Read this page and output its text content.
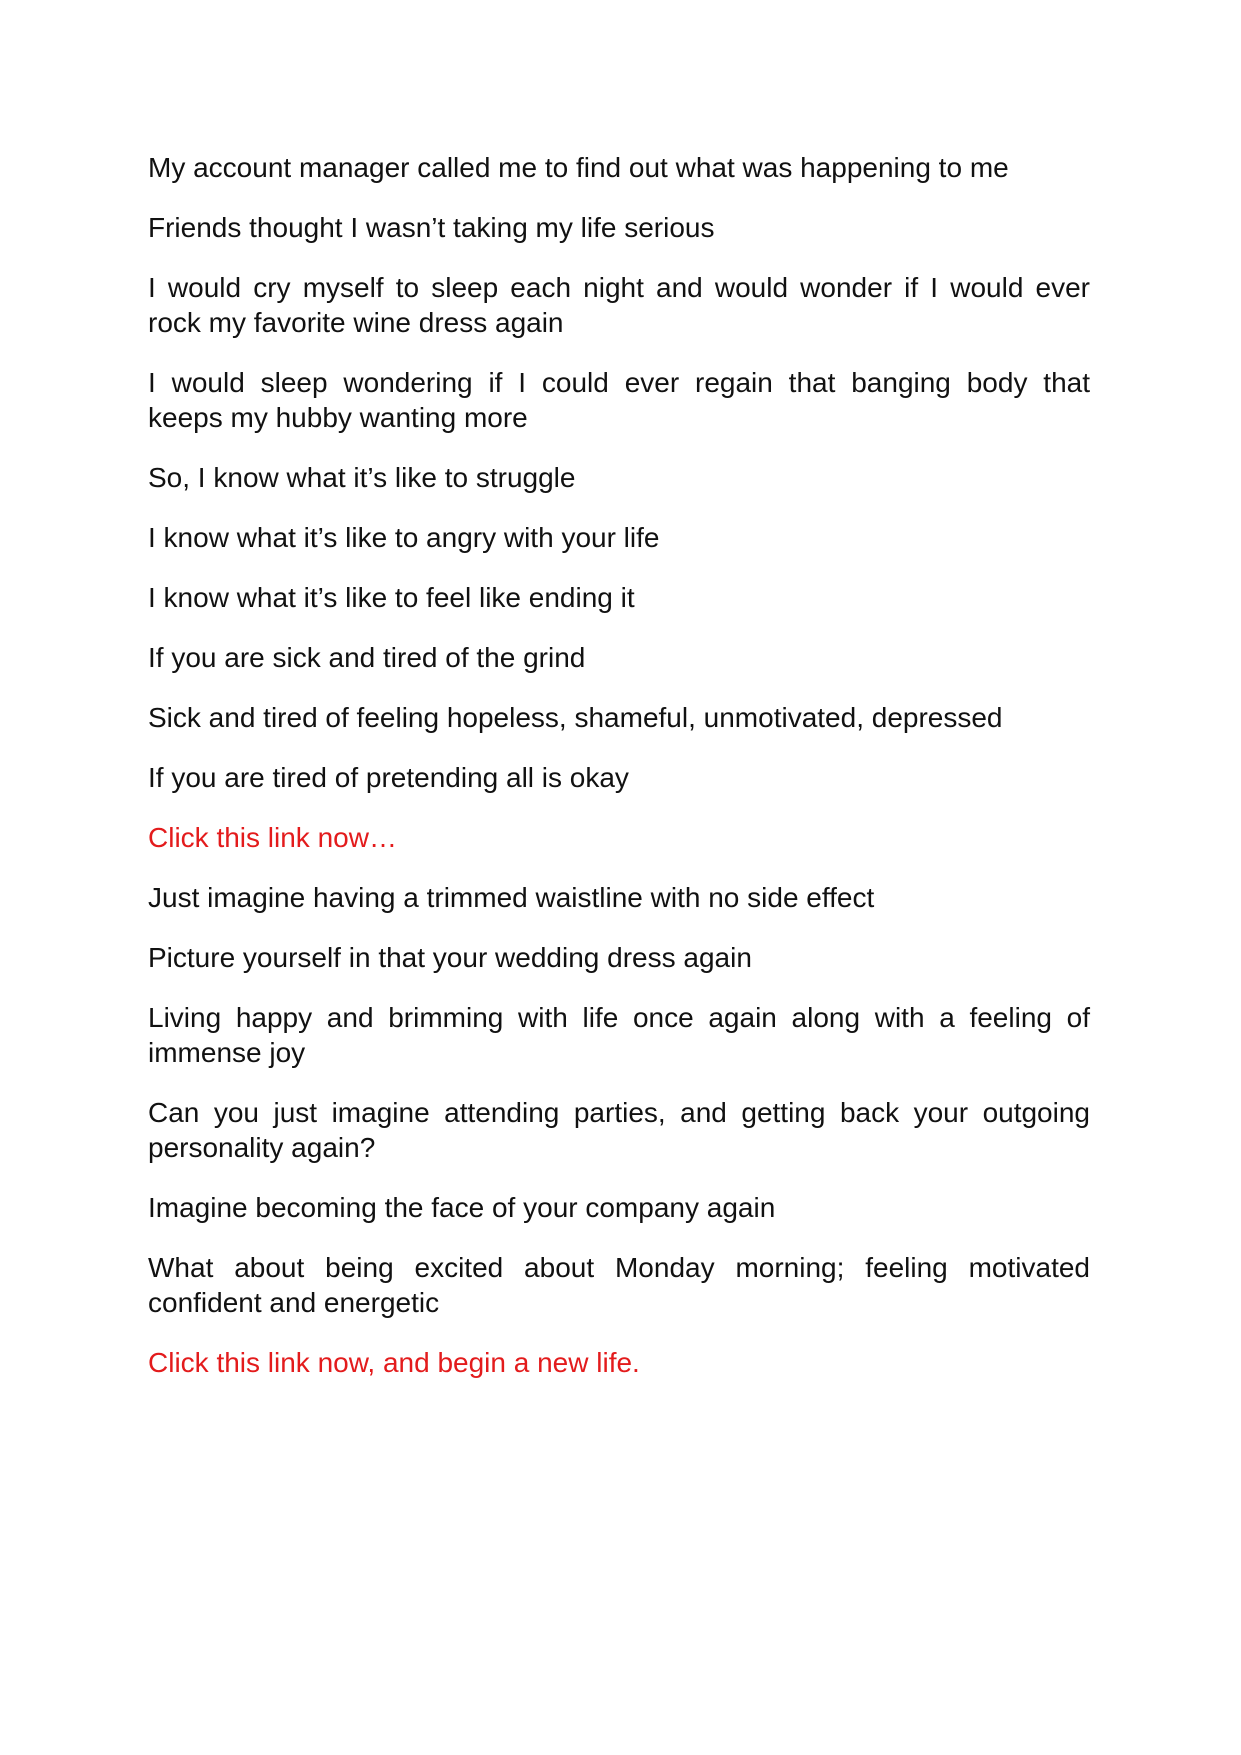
My account manager called me to find out what was happening to me

Friends thought I wasn’t taking my life serious

I would cry myself to sleep each night and would wonder if I would ever
rock my favorite wine dress again

I would sleep wondering if I could ever regain that banging body that
keeps my hubby wanting more

So, I know what it’s like to struggle

I know what it’s like to angry with your life

I know what it’s like to feel like ending it

If you are sick and tired of the grind

Sick and tired of feeling hopeless, shameful, unmotivated, depressed

If you are tired of pretending all is okay

Click this link now…

Just imagine having a trimmed waistline with no side effect

Picture yourself in that your wedding dress again

Living happy and brimming with life once again along with a feeling of
immense joy

Can you just imagine attending parties, and getting back your outgoing
personality again?

Imagine becoming the face of your company again

What about being excited about Monday morning; feeling motivated
confident and energetic

Click this link now, and begin a new life.
